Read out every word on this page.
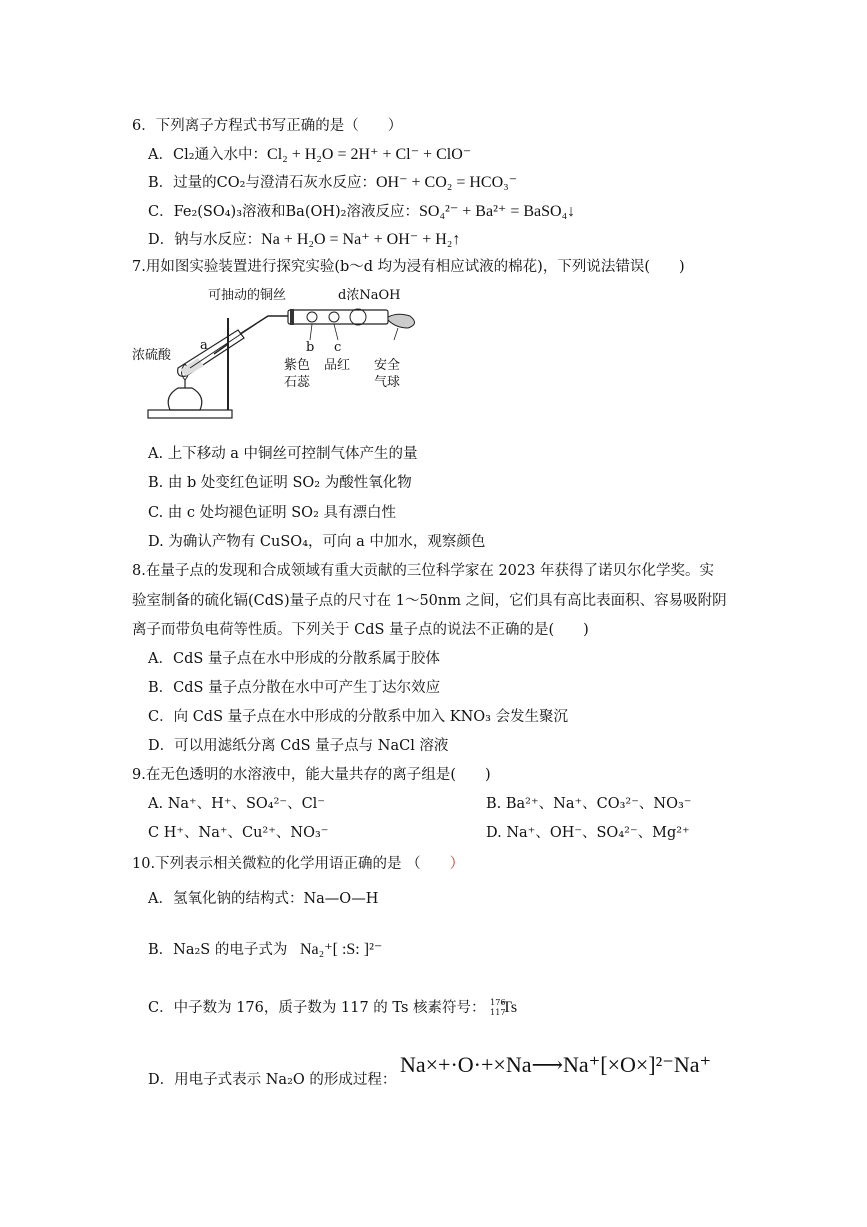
6．下列离子方程式书写正确的是（　　）
A．Cl₂通入水中：Cl₂ + H₂O = 2H⁺ + Cl⁻ + ClO⁻
B．过量的CO₂与澄清石灰水反应：OH⁻ + CO₂ = HCO₃⁻
C．Fe₂(SO₄)₃溶液和Ba(OH)₂溶液反应：SO₄²⁻ + Ba²⁺ = BaSO₄↓
D．钠与水反应：Na + H₂O = Na⁺ + OH⁻ + H₂↑
7.用如图实验装置进行探究实验(b～d 均为浸有相应试液的棉花)，下列说法错误(　　)
可抽动的铜丝	d浓NaOH
浓硫酸
a	b c
紫色
石蕊
品红 安全
气球
A. 上下移动 a 中铜丝可控制气体产生的量
B. 由 b 处变红色证明 SO₂ 为酸性氧化物
C. 由 c 处均褪色证明 SO₂ 具有漂白性
D. 为确认产物有 CuSO₄，可向 a 中加水，观察颜色
8.在量子点的发现和合成领域有重大贡献的三位科学家在 2023 年获得了诺贝尔化学奖。实
验室制备的硫化镉(CdS)量子点的尺寸在 1～50nm 之间，它们具有高比表面积、容易吸附阴
离子而带负电荷等性质。下列关于 CdS 量子点的说法不正确的是(　　)
A．CdS 量子点在水中形成的分散系属于胶体
B．CdS 量子点分散在水中可产生丁达尔效应
C．向 CdS 量子点在水中形成的分散系中加入 KNO₃ 会发生聚沉
D．可以用滤纸分离 CdS 量子点与 NaCl 溶液
9.在无色透明的水溶液中，能大量共存的离子组是(　　)
A. Na⁺、H⁺、SO₄²⁻、Cl⁻	B. Ba²⁺、Na⁺、CO₃²⁻、NO₃⁻
C H⁺、Na⁺、Cu²⁺、NO₃⁻	D. Na⁺、OH⁻、SO₄²⁻、Mg²⁺
10.下列表示相关微粒的化学用语正确的是 （　　 ）
A．氢氧化钠的结构式：Na—O—H
B．Na₂S 的电子式为 Na₂⁺[ :S: ]²⁻
C．中子数为 176，质子数为 117 的 Ts 核素符号： 176
117
Ts
D．用电子式表示 Na₂O 的形成过程：
Na×+·O·+×Na⟶Na⁺[×O×]²⁻Na⁺
